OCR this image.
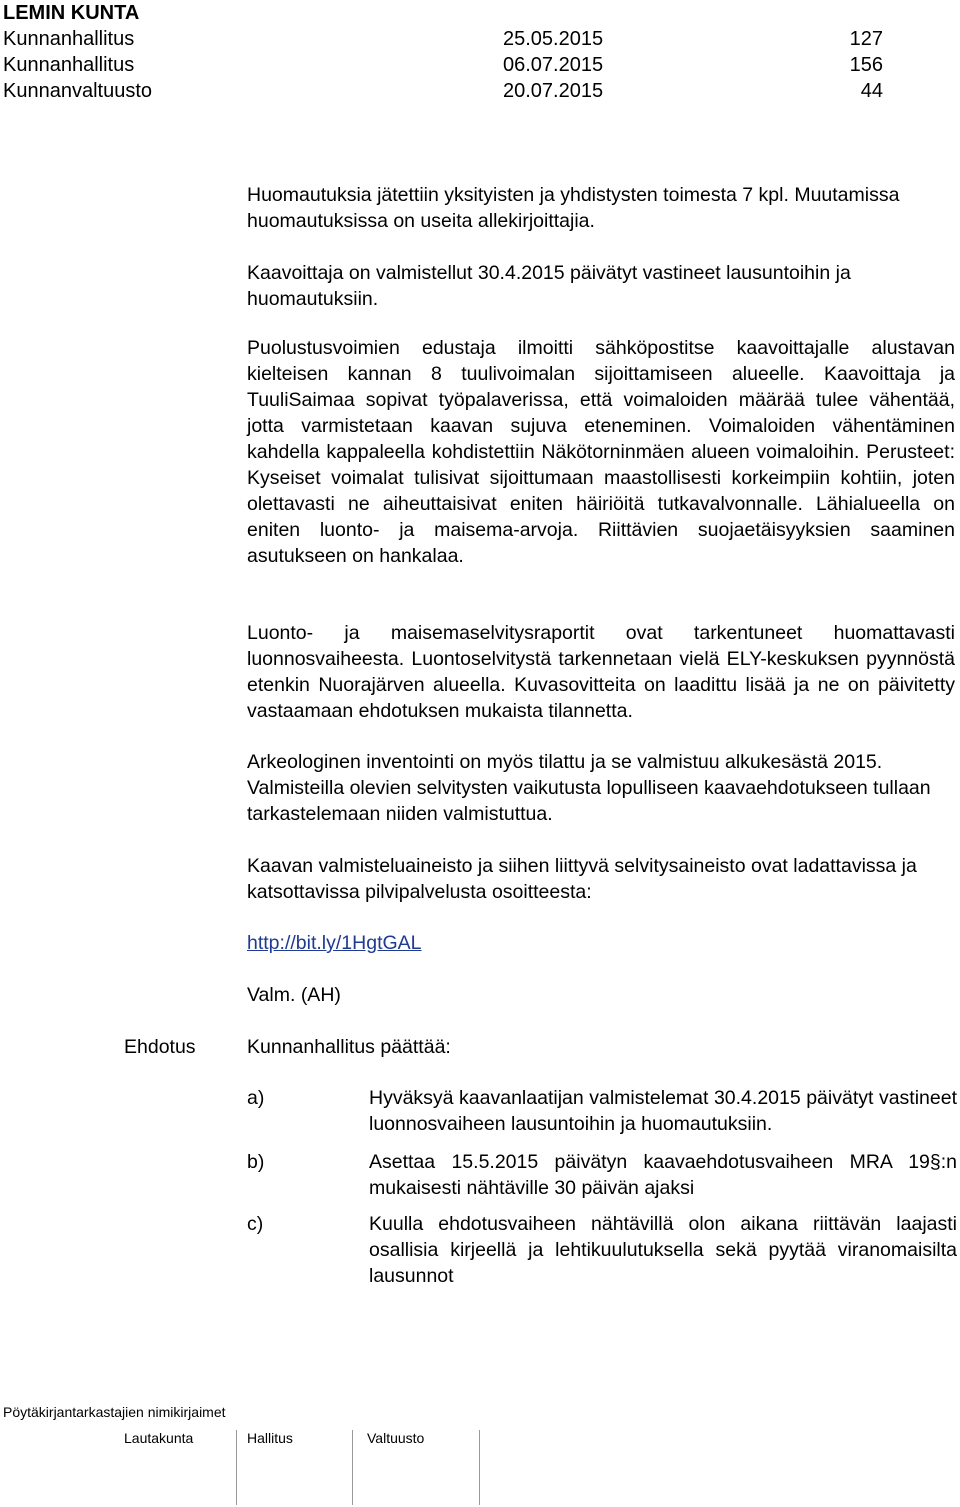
LEMIN KUNTA
Kunnanhallitus	25.05.2015	127
Kunnanhallitus	06.07.2015	156
Kunnanvaltuusto	20.07.2015	44

Huomautuksia jätettiin yksityisten ja yhdistysten toimesta 7 kpl. Muutamissa huomautuksissa on useita allekirjoittajia.

Kaavoittaja on valmistellut 30.4.2015 päivätyt vastineet lausuntoihin ja huomautuksiin.

Puolustusvoimien edustaja ilmoitti sähköpostitse kaavoittajalle alustavan kielteisen kannan 8 tuulivoimalan sijoittamiseen alueelle. Kaavoittaja ja TuuliSaimaa sopivat työpalaverissa, että voimaloiden määrää tulee vähentää, jotta varmistetaan kaavan sujuva eteneminen. Voimaloiden vähentäminen kahdella kappaleella kohdistettiin Näkötorninmäen alueen voimaloihin. Perusteet: Kyseiset voimalat tulisivat sijoittumaan maastollisesti korkeimpiin kohtiin, joten olettavasti ne aiheuttaisivat eniten häiriöitä tutkavalvonnalle. Lähialueella on eniten luonto- ja maisema-arvoja. Riittävien suojaetäisyyksien saaminen asutukseen on hankalaa.

Luonto- ja maisemaselvitysraportit ovat tarkentuneet huomattavasti luonnosvaiheesta. Luontoselvitystä tarkennetaan vielä ELY-keskuksen pyynnöstä etenkin Nuorajärven alueella. Kuvasovitteita on laadittu lisää ja ne on päivitetty vastaamaan ehdotuksen mukaista tilannetta.

Arkeologinen inventointi on myös tilattu ja se valmistuu alkukesästä 2015. Valmisteilla olevien selvitysten vaikutusta lopulliseen kaavaehdotukseen tullaan tarkastelemaan niiden valmistuttua.

Kaavan valmisteluaineisto ja siihen liittyvä selvitysaineisto ovat ladattavissa ja katsottavissa pilvipalvelusta osoitteesta:

http://bit.ly/1HgtGAL
Valm. (AH)
Ehdotus	Kunnanhallitus päättää:
a)	Hyväksyä kaavanlaatijan valmistelemat 30.4.2015 päivätyt vastineet luonnosvaiheen lausuntoihin ja huomautuksiin.
b)	Asettaa 15.5.2015 päivätyn kaavaehdotusvaiheen MRA 19§:n mukaisesti nähtäville 30 päivän ajaksi
c)	Kuulla ehdotusvaiheen nähtävillä olon aikana riittävän laajasti osallisia kirjeellä ja lehtikuulutuksella sekä pyytää viranomaisilta lausunnot
Pöytäkirjantarkastajien nimikirjaimet
Lautakunta	Hallitus	Valtuusto
